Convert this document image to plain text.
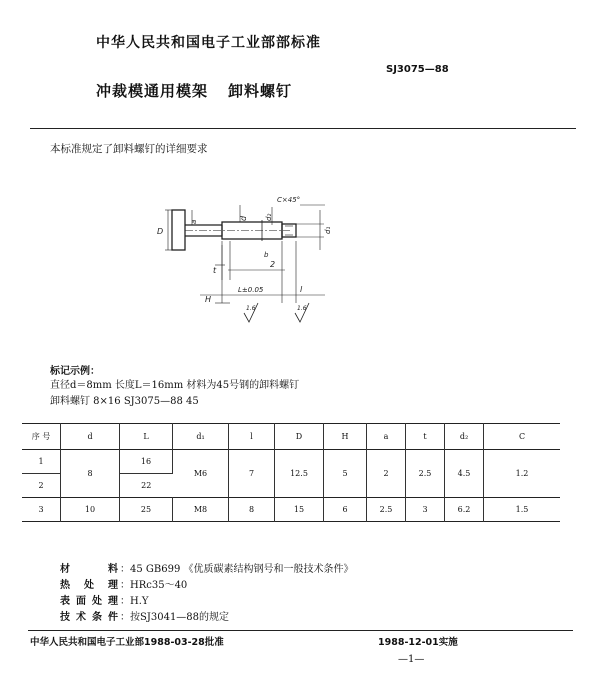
中华人民共和国电子工业部部标准
SJ3075—88
冲裁模通用模架 卸料螺钉
本标准规定了卸料螺钉的详细要求
D
a
d d₂
C×45°
d₁
b
t
2
H
L±0.05	l
1.6	1.6
标记示例：
直径d＝8mm 长度L＝16mm 材料为45号钢的卸料螺钉
卸料螺钉 8×16 SJ3075—88 45
序 号	d	L	d₁	l	D	H	a	t	d₂	C
1	8	16	M6	7	12.5	5	2	2.5	4.5	1.2
2		22								
3	10	25	M8	8	15	6	2.5	3	6.2	1.5
材料 ：45 GB699 《优质碳素结构钢号和一般技术条件》
热处理 ：HRc35～40
表面处理 ：H.Y
技术条件 ：按SJ3041—88的规定
中华人民共和国电子工业部1988-03-28批准	1988-12-01实施
—1—
